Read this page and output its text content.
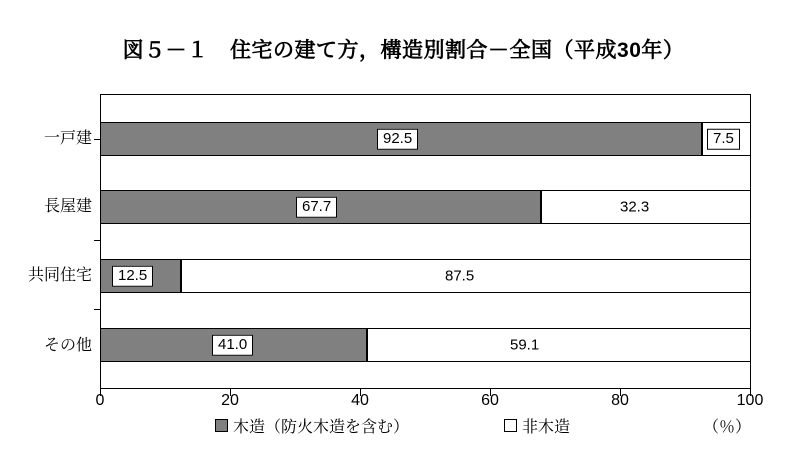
図５－１　住宅の建て方，構造別割合－全国（平成30年）
一戸建
長屋建
共同住宅
その他
92.5	7.5
67.7	32.3
12.5	87.5
41.0	59.1
0	20	40	60	80	100
木造（防火木造を含む）	非木造	（％）
